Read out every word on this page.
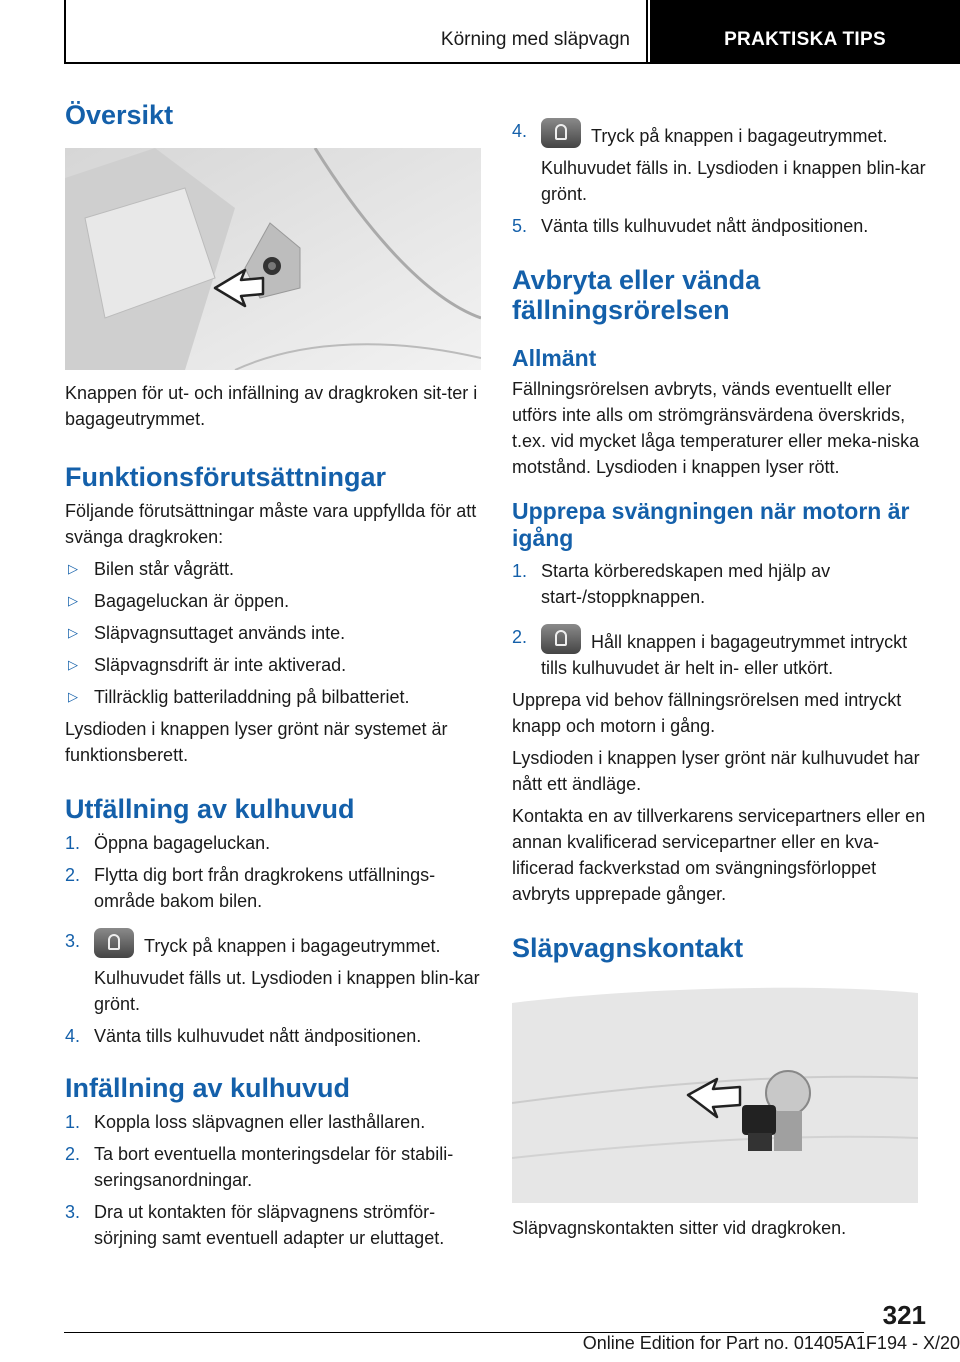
Körning med släpvagn	PRAKTISKA TIPS
Översikt

Knappen för ut- och infällning av dragkroken sit-ter i bagageutrymmet.

Funktionsförutsättningar

Följande förutsättningar måste vara uppfyllda för att svänga dragkroken:

▷ Bilen står vågrätt.
▷ Bagageluckan är öppen.
▷ Släpvagnsuttaget används inte.
▷ Släpvagnsdrift är inte aktiverad.
▷ Tillräcklig batteriladdning på bilbatteriet.

Lysdioden i knappen lyser grönt när systemet är funktionsberett.

Utfällning av kulhuvud
1. Öppna bagageluckan.
2. Flytta dig bort från dragkrokens utfällnings-område bakom bilen.
3.	Tryck på knappen i bagageutrymmet.
Kulhuvudet fälls ut. Lysdioden i knappen blin-kar grönt.
4. Vänta tills kulhuvudet nått ändpositionen.
Infällning av kulhuvud
1. Koppla loss släpvagnen eller lasthållaren.
2. Ta bort eventuella monteringsdelar för stabili-seringsanordningar.
3. Dra ut kontakten för släpvagnens strömför-sörjning samt eventuell adapter ur eluttaget.
4.	Tryck på knappen i bagageutrymmet.
Kulhuvudet fälls in. Lysdioden i knappen blin-kar grönt.
5. Vänta tills kulhuvudet nått ändpositionen.
Avbryta eller vända fällningsrörelsen
Allmänt

Fällningsrörelsen avbryts, vänds eventuellt eller utförs inte alls om strömgränsvärdena överskrids, t.ex. vid mycket låga temperaturer eller meka-niska motstånd. Lysdioden i knappen lyser rött.

Upprepa svängningen när motorn är igång
1. Starta körberedskapen med hjälp av start-/stoppknappen.
2.	Håll knappen i bagageutrymmet intryckt
tills kulhuvudet är helt in- eller utkört.

Upprepa vid behov fällningsrörelsen med intryckt knapp och motorn i gång.

Lysdioden i knappen lyser grönt när kulhuvudet har nått ett ändläge.

Kontakta en av tillverkarens servicepartners eller en annan kvalificerad servicepartner eller en kva-lificerad fackverkstad om svängningsförloppet avbryts upprepade gånger.

Släpvagnskontakt

Släpvagnskontakten sitter vid dragkroken.

321
Online Edition for Part no. 01405A1F194 - X/20
